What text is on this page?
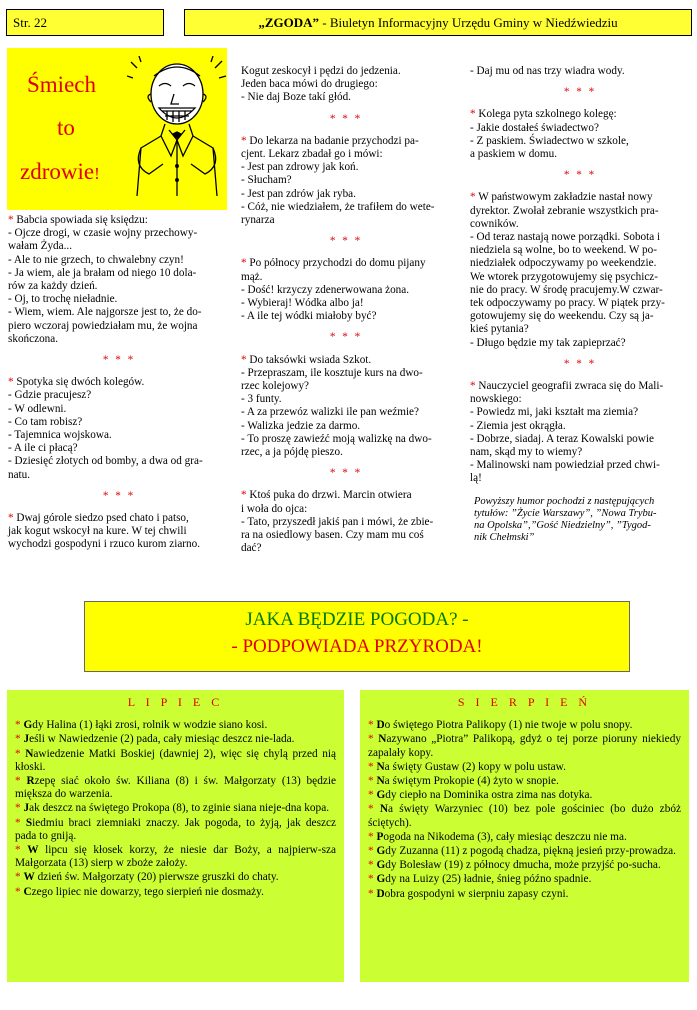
Str. 22	„ZGODA” - Biuletyn Informacyjny Urzędu Gminy w Niedźwiedziu
Śmiech
to
zdrowie!

* Babcia spowiada się księdzu:

- Ojcze drogi, w czasie wojny przechowy-

wałam Żyda...

- Ale to nie grzech, to chwalebny czyn!

- Ja wiem, ale ja brałam od niego 10 dola-

rów za każdy dzień.

- Oj, to trochę nieładnie.

- Wiem, wiem. Ale najgorsze jest to, że do-

piero wczoraj powiedziałam mu, że wojna

skończona.

* * *

* Spotyka się dwóch kolegów.

- Gdzie pracujesz?

- W odlewni.

- Co tam robisz?

- Tajemnica wojskowa.

- A ile ci płacą?

- Dziesięć złotych od bomby, a dwa od gra-

natu.

* * *

* Dwaj górole siedzo psed chato i patso,

jak kogut wskocył na kure. W tej chwili

wychodzi gospodyni i rzuco kurom ziarno.

Kogut zeskocył i pędzi do jedzenia.

Jeden baca mówi do drugiego:

- Nie daj Boze takí głód.

* * *

* Do lekarza na badanie przychodzi pa-

cjent. Lekarz zbadał go i mówi:

- Jest pan zdrowy jak koń.

- Słucham?

- Jest pan zdrów jak ryba.

- Cóż, nie wiedziałem, że trafiłem do wete-

rynarza

* * *

* Po północy przychodzi do domu pijany

mąż.

- Dość! krzyczy zdenerwowana żona.

- Wybieraj! Wódka albo ja!

- A ile tej wódki miałoby być?

* * *

* Do taksówki wsiada Szkot.

- Przepraszam, ile kosztuje kurs na dwo-

rzec kolejowy?

- 3 funty.

- A za przewóz walizki ile pan weźmie?

- Walizka jedzie za darmo.

- To proszę zawieźć moją walizkę na dwo-

rzec, a ja pójdę pieszo.

* * *

* Ktoś puka do drzwi. Marcin otwiera

i woła do ojca:

- Tato, przyszedł jakiś pan i mówi, że zbie-

ra na osiedlowy basen. Czy mam mu coś

dać?

- Daj mu od nas trzy wiadra wody.

* * *

* Kolega pyta szkolnego kolegę:

- Jakie dostałeś świadectwo?

- Z paskiem. Świadectwo w szkole,

a paskiem w domu.

* * *

* W państwowym zakładzie nastał nowy

dyrektor. Zwołał zebranie wszystkich pra-

cowników.

- Od teraz nastają nowe porządki. Sobota i

niedziela są wolne, bo to weekend. W po-

niedziałek odpoczywamy po weekendzie.

We wtorek przygotowujemy się psychicz-

nie do pracy. W środę pracujemy.W czwar-

tek odpoczywamy po pracy. W piątek przy-

gotowujemy się do weekendu. Czy są ja-

kieś pytania?

- Długo będzie my tak zapieprzać?

* * *

* Nauczyciel geografii zwraca się do Mali-

nowskiego:

- Powiedz mi, jaki kształt ma ziemia?

- Ziemia jest okrągła.

- Dobrze, siadaj. A teraz Kowalski powie

nam, skąd my to wiemy?

- Malinowski nam powiedział przed chwi-

lą!

Powyższy humor pochodzi z następujących

tytułów: ”Życie Warszawy”, ”Nowa Trybu-

na Opolska”,”Gość Niedzielny”, ”Tygod-

nik Chełmski”

JAKA BĘDZIE POGODA? -
- PODPOWIADA PRZYRODA!
L I P I E C

* Gdy Halina (1) łąki zrosi, rolnik w wodzie siano kosi.

* Jeśli w Nawiedzenie (2) pada, cały miesiąc deszcz nie-lada.

* Nawiedzenie Matki Boskiej (dawniej 2), więc się chylą przed nią kłoski.

* Rzepę siać około św. Kiliana (8) i św. Małgorzaty (13) będzie miększa do warzenia.

* Jak deszcz na świętego Prokopa (8), to zginie siana nieje-dna kopa.

* Siedmiu braci ziemniaki znaczy. Jak pogoda, to żyją, jak deszcz pada to gniją.

* W lipcu się kłosek korzy, że niesie dar Boży, a najpierw-sza Małgorzata (13) sierp w zboże założy.

* W dzień św. Małgorzaty (20) pierwsze gruszki do chaty.

* Czego lipiec nie dowarzy, tego sierpień nie dosmaży.

S I E R P I E Ń

* Do świętego Piotra Palikopy (1) nie twoje w polu snopy.

* Nazywano „Piotra” Palikopą, gdyż o tej porze pioruny niekiedy zapalały kopy.

* Na święty Gustaw (2) kopy w polu ustaw.

* Na świętym Prokopie (4) żyto w snopie.

* Gdy ciepło na Dominika ostra zima nas dotyka.

* Na święty Warzyniec (10) bez pole gościniec (bo dużo zbóż ściętych).

* Pogoda na Nikodema (3), cały miesiąc deszczu nie ma.

* Gdy Zuzanna (11) z pogodą chadza, piękną jesień przy-prowadza.

* Gdy Bolesław (19) z północy dmucha, może przyjść po-sucha.

* Gdy na Luizy (25) ładnie, śnieg późno spadnie.

* Dobra gospodyni w sierpniu zapasy czyni.
